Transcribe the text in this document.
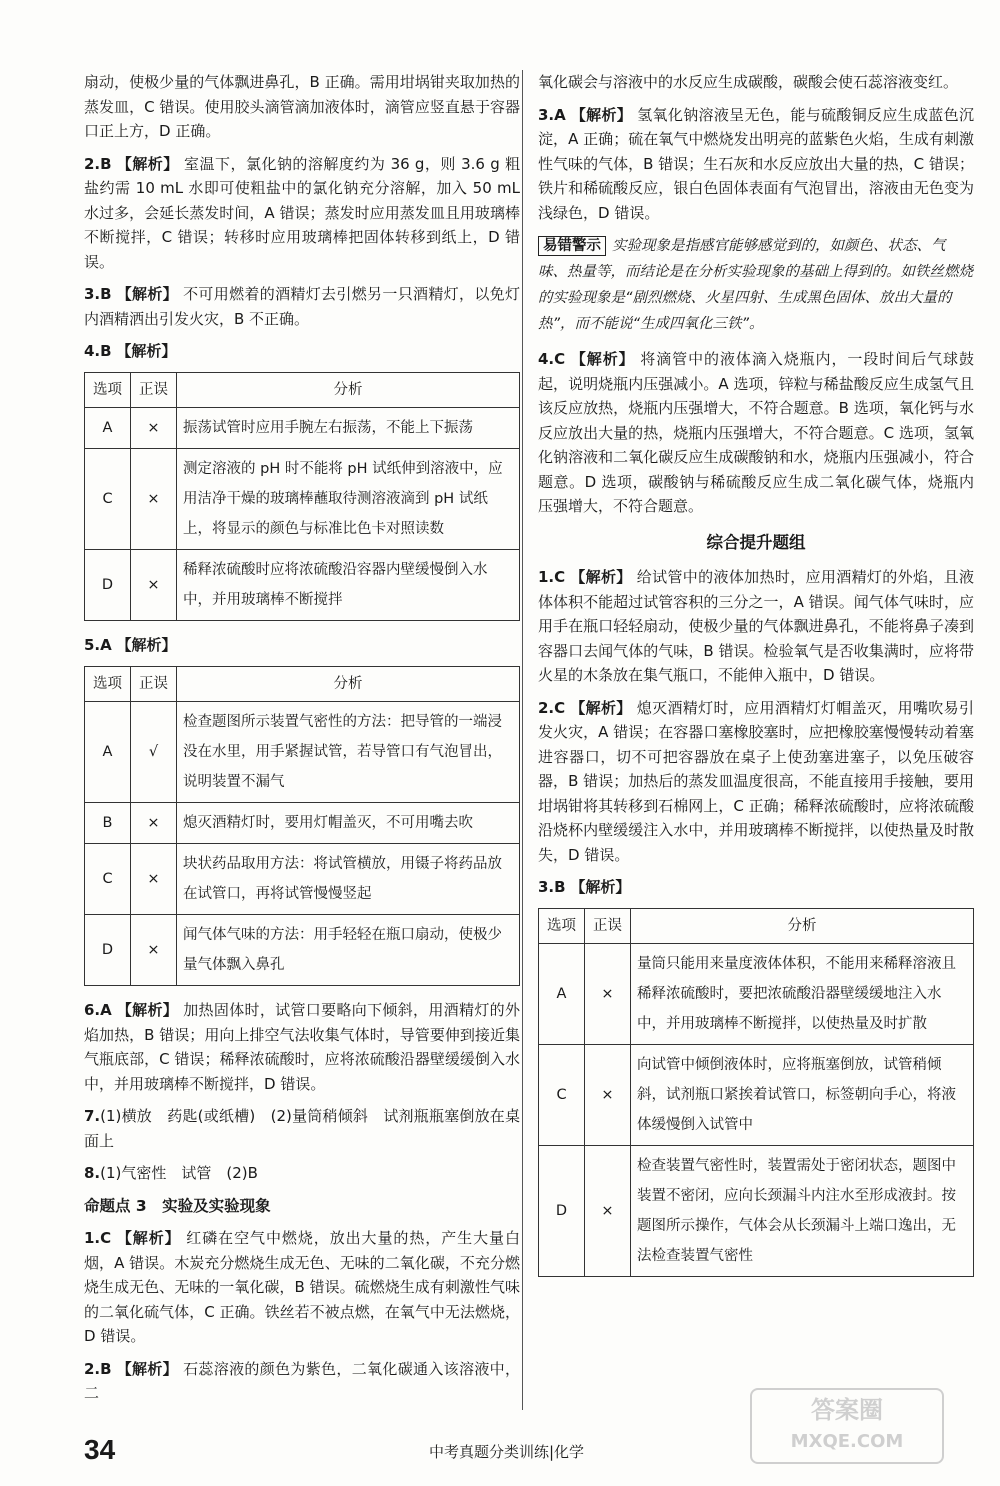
扇动，使极少量的气体飘进鼻孔，B 正确。需用坩埚钳夹取加热的蒸发皿，C 错误。使用胶头滴管滴加液体时，滴管应竖直悬于容器口正上方，D 正确。

2.B 【解析】 室温下，氯化钠的溶解度约为 36 g，则 3.6 g 粗盐约需 10 mL 水即可使粗盐中的氯化钠充分溶解，加入 50 mL 水过多，会延长蒸发时间，A 错误；蒸发时应用蒸发皿且用玻璃棒不断搅拌，C 错误；转移时应用玻璃棒把固体转移到纸上，D 错误。
3.B 【解析】 不可用燃着的酒精灯去引燃另一只酒精灯，以免灯内酒精洒出引发火灾，B 不正确。
4.B 【解析】
选项	正误	分析
A	×	振荡试管时应用手腕左右振荡，不能上下振荡
C	×	测定溶液的 pH 时不能将 pH 试纸伸到溶液中，应用洁净干燥的玻璃棒蘸取待测溶液滴到 pH 试纸上，将显示的颜色与标准比色卡对照读数
D	×	稀释浓硫酸时应将浓硫酸沿容器内壁缓慢倒入水中，并用玻璃棒不断搅拌
5.A 【解析】
选项	正误	分析
A	√	检查题图所示装置气密性的方法：把导管的一端浸没在水里，用手紧握试管，若导管口有气泡冒出，说明装置不漏气
B	×	熄灭酒精灯时，要用灯帽盖灭，不可用嘴去吹
C	×	块状药品取用方法：将试管横放，用镊子将药品放在试管口，再将试管慢慢竖起
D	×	闻气体气味的方法：用手轻轻在瓶口扇动，使极少量气体飘入鼻孔
6.A 【解析】 加热固体时，试管口要略向下倾斜，用酒精灯的外焰加热，B 错误；用向上排空气法收集气体时，导管要伸到接近集气瓶底部，C 错误；稀释浓硫酸时，应将浓硫酸沿器壁缓缓倒入水中，并用玻璃棒不断搅拌，D 错误。
7.(1)横放　药匙(或纸槽)　(2)量筒稍倾斜　试剂瓶瓶塞倒放在桌面上
8.(1)气密性　试管　(2)B
命题点 3　实验及实验现象
1.C 【解析】 红磷在空气中燃烧，放出大量的热，产生大量白烟，A 错误。木炭充分燃烧生成无色、无味的二氧化碳，不充分燃烧生成无色、无味的一氧化碳，B 错误。硫燃烧生成有刺激性气味的二氧化硫气体，C 正确。铁丝若不被点燃，在氧气中无法燃烧，D 错误。
2.B 【解析】 石蕊溶液的颜色为紫色，二氧化碳通入该溶液中，二

氧化碳会与溶液中的水反应生成碳酸，碳酸会使石蕊溶液变红。

3.A 【解析】 氢氧化钠溶液呈无色，能与硫酸铜反应生成蓝色沉淀，A 正确；硫在氧气中燃烧发出明亮的蓝紫色火焰，生成有刺激性气味的气体，B 错误；生石灰和水反应放出大量的热，C 错误；铁片和稀硫酸反应，银白色固体表面有气泡冒出，溶液由无色变为浅绿色，D 错误。
易错警示 实验现象是指感官能够感觉到的，如颜色、状态、气味、热量等，而结论是在分析实验现象的基础上得到的。如铁丝燃烧的实验现象是“剧烈燃烧、火星四射、生成黑色固体、放出大量的热”，而不能说“生成四氧化三铁”。
4.C 【解析】 将滴管中的液体滴入烧瓶内，一段时间后气球鼓起，说明烧瓶内压强减小。A 选项，锌粒与稀盐酸反应生成氢气且该反应放热，烧瓶内压强增大，不符合题意。B 选项，氧化钙与水反应放出大量的热，烧瓶内压强增大，不符合题意。C 选项，氢氧化钠溶液和二氧化碳反应生成碳酸钠和水，烧瓶内压强减小，符合题意。D 选项，碳酸钠与稀硫酸反应生成二氧化碳气体，烧瓶内压强增大，不符合题意。
综合提升题组
1.C 【解析】 给试管中的液体加热时，应用酒精灯的外焰，且液体体积不能超过试管容积的三分之一，A 错误。闻气体气味时，应用手在瓶口轻轻扇动，使极少量的气体飘进鼻孔，不能将鼻子凑到容器口去闻气体的气味，B 错误。检验氧气是否收集满时，应将带火星的木条放在集气瓶口，不能伸入瓶中，D 错误。
2.C 【解析】 熄灭酒精灯时，应用酒精灯灯帽盖灭，用嘴吹易引发火灾，A 错误；在容器口塞橡胶塞时，应把橡胶塞慢慢转动着塞进容器口，切不可把容器放在桌子上使劲塞进塞子，以免压破容器，B 错误；加热后的蒸发皿温度很高，不能直接用手接触，要用坩埚钳将其转移到石棉网上，C 正确；稀释浓硫酸时，应将浓硫酸沿烧杯内壁缓缓注入水中，并用玻璃棒不断搅拌，以使热量及时散失，D 错误。
3.B 【解析】
选项	正误	分析
A	×	量筒只能用来量度液体体积，不能用来稀释溶液且稀释浓硫酸时，要把浓硫酸沿器壁缓缓地注入水中，并用玻璃棒不断搅拌，以使热量及时扩散
C	×	向试管中倾倒液体时，应将瓶塞倒放，试管稍倾斜，试剂瓶口紧挨着试管口，标签朝向手心，将液体缓慢倒入试管中
D	×	检查装置气密性时，装置需处于密闭状态，题图中装置不密闭，应向长颈漏斗内注水至形成液封。按题图所示操作，气体会从长颈漏斗上端口逸出，无法检查装置气密性
34	中考真题分类训练|化学
答案圈
MXQE.COM
